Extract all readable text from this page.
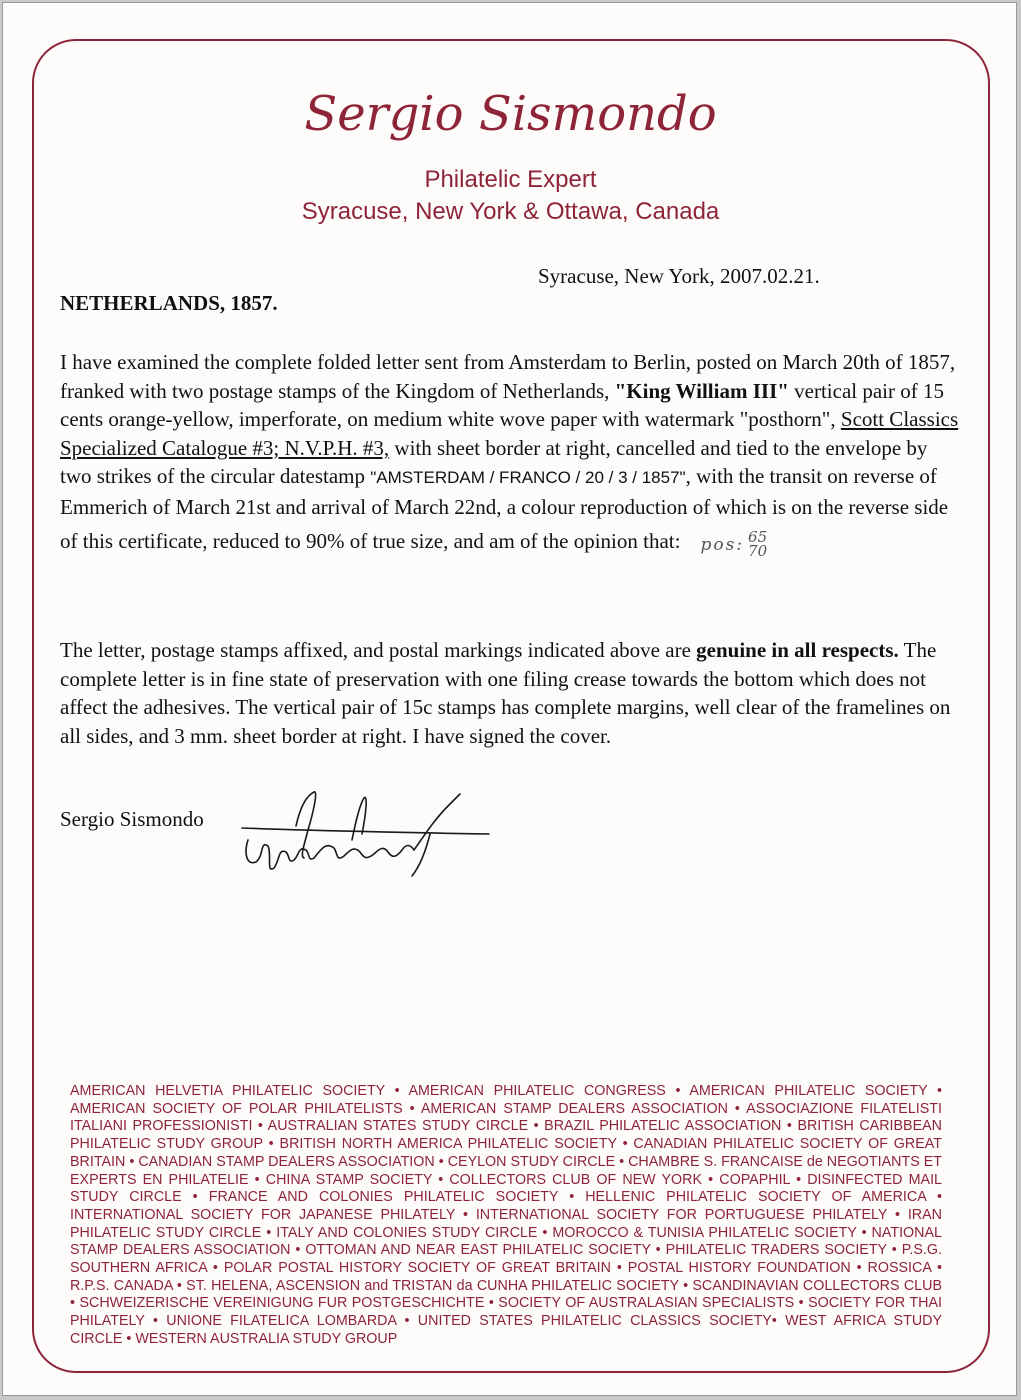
Sergio Sismondo
Philatelic Expert
Syracuse, New York & Ottawa, Canada
Syracuse, New York, 2007.02.21.
NETHERLANDS, 1857.

I have examined the complete folded letter sent from Amsterdam to Berlin, posted on March 20th of 1857, franked with two postage stamps of the Kingdom of Netherlands, "King William III" vertical pair of 15 cents orange-yellow, imperforate, on medium white wove paper with watermark "posthorn", Scott Classics Specialized Catalogue #3; N.V.P.H. #3, with sheet border at right, cancelled and tied to the envelope by two strikes of the circular datestamp "AMSTERDAM / FRANCO / 20 / 3 / 1857", with the transit on reverse of Emmerich of March 21st and arrival of March 22nd, a colour reproduction of which is on the reverse side of this certificate, reduced to 90% of true size, and am of the opinion that: pos: 65
70

The letter, postage stamps affixed, and postal markings indicated above are genuine in all respects. The complete letter is in fine state of preservation with one filing crease towards the bottom which does not affect the adhesives. The vertical pair of 15c stamps has complete margins, well clear of the framelines on all sides, and 3 mm. sheet border at right. I have signed the cover.

Sergio Sismondo

AMERICAN HELVETIA PHILATELIC SOCIETY • AMERICAN PHILATELIC CONGRESS • AMERICAN PHILATELIC SOCIETY • AMERICAN SOCIETY OF POLAR PHILATELISTS • AMERICAN STAMP DEALERS ASSOCIATION • ASSOCIAZIONE FILATELISTI ITALIANI PROFESSIONISTI • AUSTRALIAN STATES STUDY CIRCLE • BRAZIL PHILATELIC ASSOCIATION • BRITISH CARIBBEAN PHILATELIC STUDY GROUP • BRITISH NORTH AMERICA PHILATELIC SOCIETY • CANADIAN PHILATELIC SOCIETY OF GREAT BRITAIN • CANADIAN STAMP DEALERS ASSOCIATION • CEYLON STUDY CIRCLE • CHAMBRE S. FRANCAISE de NEGOTIANTS ET EXPERTS EN PHILATELIE • CHINA STAMP SOCIETY • COLLECTORS CLUB OF NEW YORK • COPAPHIL • DISINFECTED MAIL STUDY CIRCLE • FRANCE AND COLONIES PHILATELIC SOCIETY • HELLENIC PHILATELIC SOCIETY OF AMERICA • INTERNATIONAL SOCIETY FOR JAPANESE PHILATELY • INTERNATIONAL SOCIETY FOR PORTUGUESE PHILATELY • IRAN PHILATELIC STUDY CIRCLE • ITALY AND COLONIES STUDY CIRCLE • MOROCCO & TUNISIA PHILATELIC SOCIETY • NATIONAL STAMP DEALERS ASSOCIATION • OTTOMAN AND NEAR EAST PHILATELIC SOCIETY • PHILATELIC TRADERS SOCIETY • P.S.G. SOUTHERN AFRICA • POLAR POSTAL HISTORY SOCIETY OF GREAT BRITAIN • POSTAL HISTORY FOUNDATION • ROSSICA • R.P.S. CANADA • ST. HELENA, ASCENSION and TRISTAN da CUNHA PHILATELIC SOCIETY • SCANDINAVIAN COLLECTORS CLUB • SCHWEIZERISCHE VEREINIGUNG FUR POSTGESCHICHTE • SOCIETY OF AUSTRALASIAN SPECIALISTS • SOCIETY FOR THAI PHILATELY • UNIONE FILATELICA LOMBARDA • UNITED STATES PHILATELIC CLASSICS SOCIETY• WEST AFRICA STUDY CIRCLE • WESTERN AUSTRALIA STUDY GROUP
